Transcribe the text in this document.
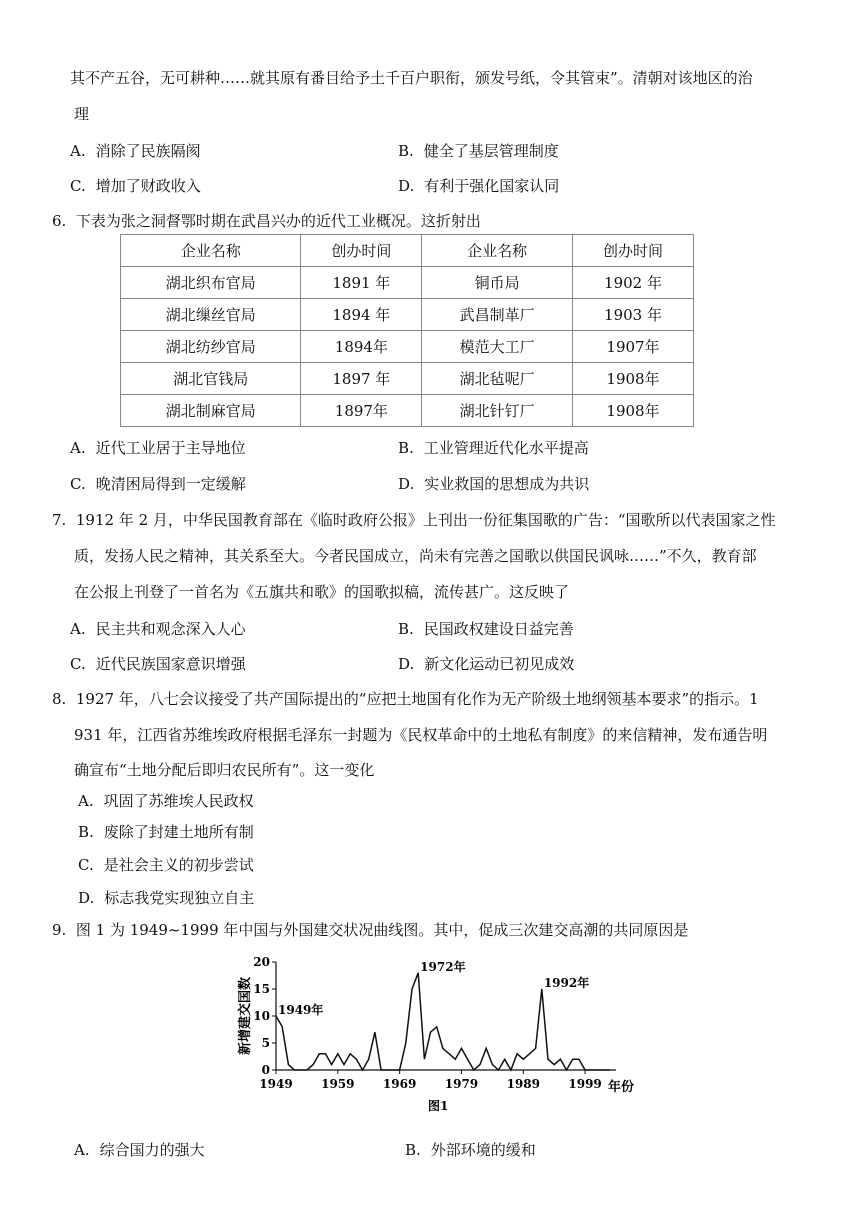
其不产五谷，无可耕种……就其原有番目给予土千百户职衔，颁发号纸，令其管束”。清朝对该地区的治
理
A. 消除了民族隔阂	B. 健全了基层管理制度
C. 增加了财政收入	D. 有利于强化国家认同
6. 下表为张之洞督鄂时期在武昌兴办的近代工业概况。这折射出
企业名称	创办时间	企业名称	创办时间
湖北织布官局	1891 年	铜币局	1902 年
湖北缫丝官局	1894 年	武昌制革厂	1903 年
湖北纺纱官局	1894年	模范大工厂	1907年
湖北官钱局	1897 年	湖北毡呢厂	1908年
湖北制麻官局	1897年	湖北针钉厂	1908年
A. 近代工业居于主导地位	B. 工业管理近代化水平提高
C. 晚清困局得到一定缓解	D. 实业救国的思想成为共识
7. 1912 年 2 月，中华民国教育部在《临时政府公报》上刊出一份征集国歌的广告：“国歌所以代表国家之性
质，发扬人民之精神，其关系至大。今者民国成立，尚未有完善之国歌以供国民讽咏……”不久，教育部
在公报上刊登了一首名为《五旗共和歌》的国歌拟稿，流传甚广。这反映了
A. 民主共和观念深入人心	B. 民国政权建设日益完善
C. 近代民族国家意识增强	D. 新文化运动已初见成效
8. 1927 年，八七会议接受了共产国际提出的“应把土地国有化作为无产阶级土地纲领基本要求”的指示。1
931 年，江西省苏维埃政府根据毛泽东一封题为《民权革命中的土地私有制度》的来信精神，发布通告明
确宣布“土地分配后即归农民所有”。这一变化
A. 巩固了苏维埃人民政权
B. 废除了封建土地所有制
C. 是社会主义的初步尝试
D. 标志我党实现独立自主
9. 图 1 为 1949~1999 年中国与外国建交状况曲线图。其中，促成三次建交高潮的共同原因是
0
5
10
15
20
1949 1959 1969 1979 1989 1999
1949年
1972年
1992年
新增建交国数
年份
图1
A. 综合国力的强大	B. 外部环境的缓和
